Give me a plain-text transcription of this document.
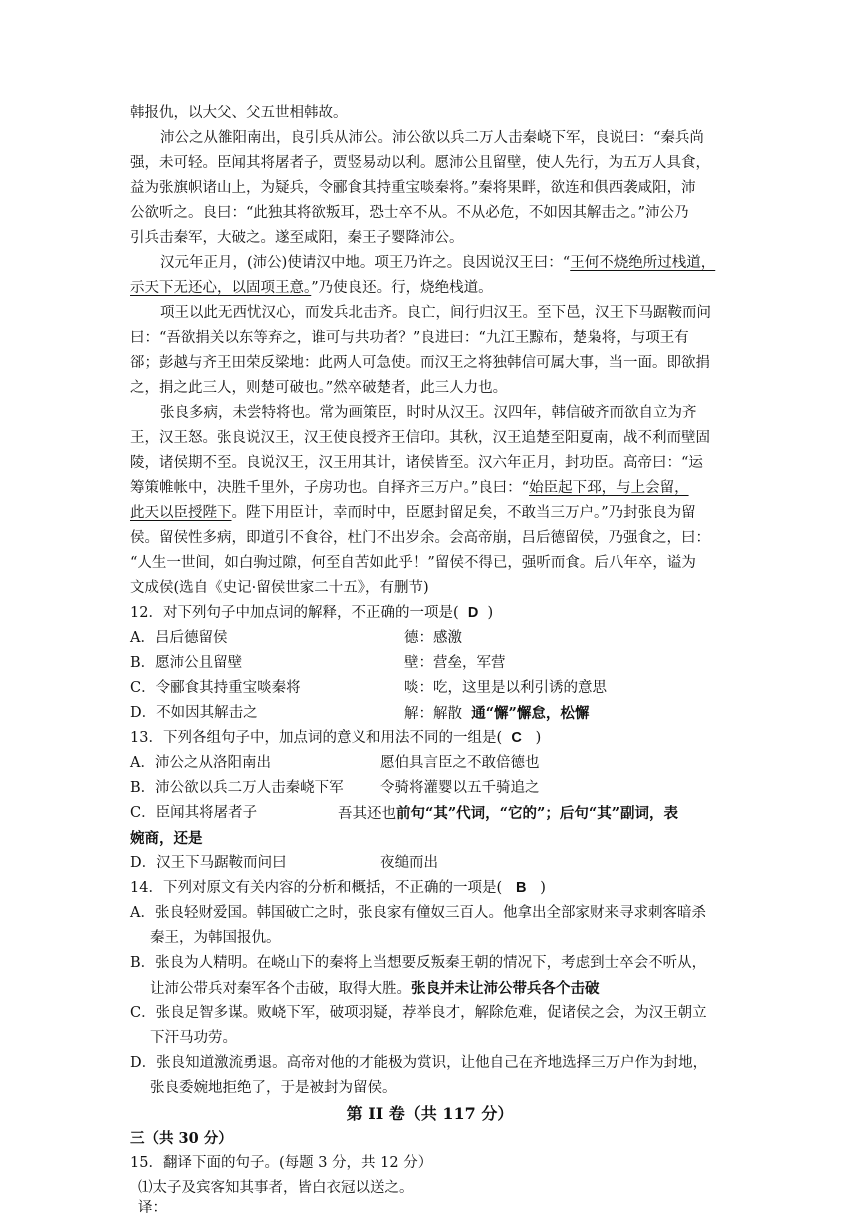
韩报仇，以大父、父五世相韩故。
沛公之从雒阳南出，良引兵从沛公。沛公欲以兵二万人击秦峣下军，良说曰：“秦兵尚
强，未可轻。臣闻其将屠者子，贾竖易动以利。愿沛公且留壁，使人先行，为五万人具食，
益为张旗帜诸山上，为疑兵，令郦食其持重宝啖秦将。”秦将果畔，欲连和俱西袭咸阳，沛
公欲听之。良曰：“此独其将欲叛耳，恐士卒不从。不从必危，不如因其解击之。”沛公乃
引兵击秦军，大破之。遂至咸阳，秦王子婴降沛公。
汉元年正月，(沛公)使请汉中地。项王乃许之。良因说汉王曰：“王何不烧绝所过栈道，
示天下无还心，以固项王意。”乃使良还。行，烧绝栈道。
项王以此无西忧汉心，而发兵北击齐。良亡，间行归汉王。至下邑，汉王下马踞鞍而问
曰：“吾欲捐关以东等弃之，谁可与共功者？”良进曰：“九江王黥布，楚枭将，与项王有
郤；彭越与齐王田荣反梁地：此两人可急使。而汉王之将独韩信可属大事，当一面。即欲捐
之，捐之此三人，则楚可破也。”然卒破楚者，此三人力也。
张良多病，未尝特将也。常为画策臣，时时从汉王。汉四年，韩信破齐而欲自立为齐
王，汉王怒。张良说汉王，汉王使良授齐王信印。其秋，汉王追楚至阳夏南，战不利而壁固
陵，诸侯期不至。良说汉王，汉王用其计，诸侯皆至。汉六年正月，封功臣。高帝曰：“运
筹策帷帐中，决胜千里外，子房功也。自择齐三万户。”良曰：“始臣起下邳，与上会留，
此天以臣授陛下。陛下用臣计，幸而时中，臣愿封留足矣，不敢当三万户。”乃封张良为留
侯。留侯性多病，即道引不食谷，杜门不出岁余。会高帝崩，吕后德留侯，乃强食之，曰：
“人生一世间，如白驹过隙，何至自苦如此乎！”留侯不得已，强听而食。后八年卒，谥为
文成侯(选自《史记·留侯世家二十五》，有删节)
12．对下列句子中加点词的解释，不正确的一项是( D )
A．吕后德留侯	德：感激
B．愿沛公且留壁	壁：营垒，军营
C．令郦食其持重宝啖秦将	啖：吃，这里是以利引诱的意思
D．不如因其解击之	解：解散 通“懈”懈怠，松懈
13．下列各组句子中，加点词的意义和用法不同的一组是( C )
A．沛公之从洛阳南出	愿伯具言臣之不敢倍德也
B．沛公欲以兵二万人击秦峣下军	令骑将灌婴以五千骑追之
C．臣闻其将屠者子	吾其还也前句“其”代词，“它的”；后句“其”副词，表
婉商，还是
D．汉王下马踞鞍而问曰	夜缒而出
14．下列对原文有关内容的分析和概括，不正确的一项是( B )
A．张良轻财爱国。韩国破亡之时，张良家有僮奴三百人。他拿出全部家财来寻求刺客暗杀
秦王，为韩国报仇。
B．张良为人精明。在峣山下的秦将上当想要反叛秦王朝的情况下，考虑到士卒会不听从，
让沛公带兵对秦军各个击破，取得大胜。张良并未让沛公带兵各个击破
C．张良足智多谋。败峣下军，破项羽疑，荐举良才，解除危难，促诸侯之会，为汉王朝立
下汗马功劳。
D．张良知道激流勇退。高帝对他的才能极为赏识，让他自己在齐地选择三万户作为封地，
张良委婉地拒绝了，于是被封为留侯。
第 II 卷（共 117 分）
三（共 30 分）
15．翻译下面的句子。(每题 3 分，共 12 分）
⑴太子及宾客知其事者，皆白衣冠以送之。
译：
